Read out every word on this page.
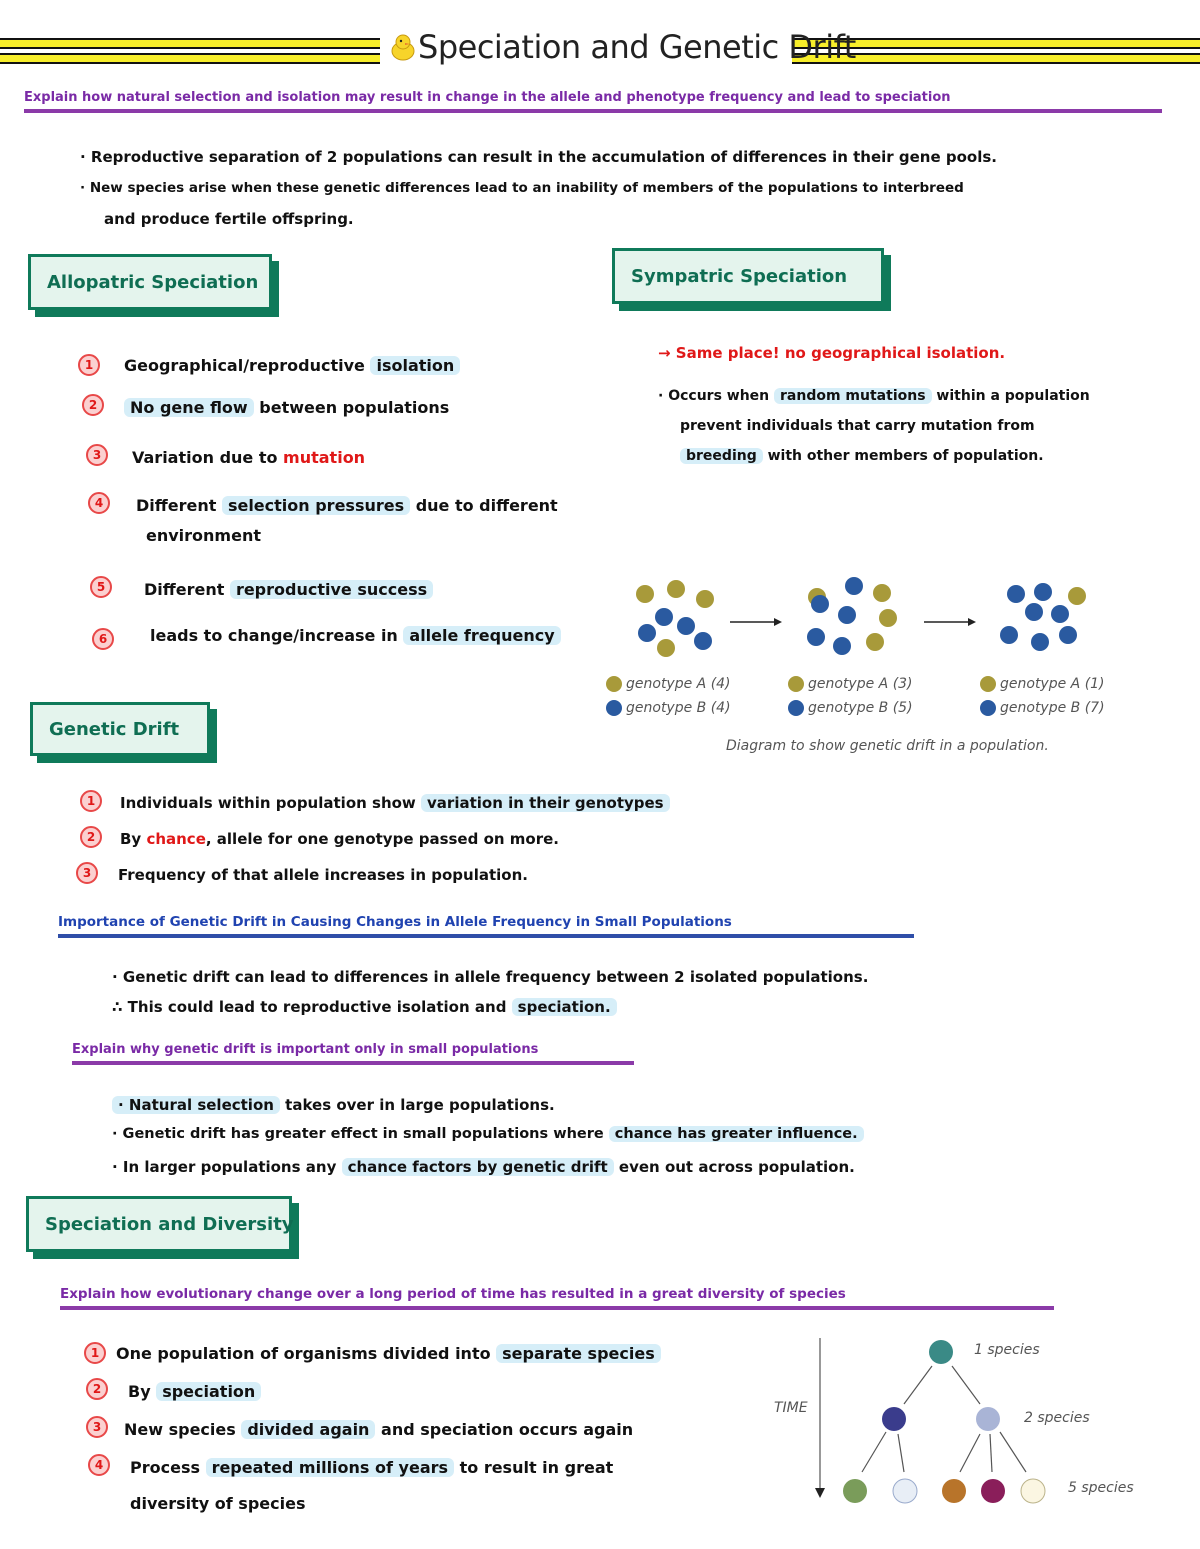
Speciation and Genetic Drift
Explain how natural selection and isolation may result in change in the allele and phenotype frequency and lead to speciation
· Reproductive separation of 2 populations can result in the accumulation of differences in their gene pools.
· New species arise when these genetic differences lead to an inability of members of the populations to interbreed
and produce fertile offspring.
Allopatric Speciation
1	Geographical/reproductive isolation
2	No gene flow between populations
3	Variation due to mutation
4	Different selection pressures due to different
environment
5	Different reproductive success
6	leads to change/increase in allele frequency
Sympatric Speciation
→ Same place! no geographical isolation.
· Occurs when random mutations within a population
prevent individuals that carry mutation from
breeding with other members of population.
genotype A (4)
genotype B (4)
genotype A (3)
genotype B (5)
genotype A (1)
genotype B (7)
Diagram to show genetic drift in a population.
Genetic Drift
1	Individuals within population show variation in their genotypes
2	By chance, allele for one genotype passed on more.
3	Frequency of that allele increases in population.
Importance of Genetic Drift in Causing Changes in Allele Frequency in Small Populations
· Genetic drift can lead to differences in allele frequency between 2 isolated populations.
∴ This could lead to reproductive isolation and speciation.
Explain why genetic drift is important only in small populations
· Natural selection takes over in large populations.
· Genetic drift has greater effect in small populations where chance has greater influence.
· In larger populations any chance factors by genetic drift even out across population.
Speciation and Diversity
Explain how evolutionary change over a long period of time has resulted in a great diversity of species
1	One population of organisms divided into separate species
2	By speciation
3	New species divided again and speciation occurs again
4	Process repeated millions of years to result in great
diversity of species
TIME
1 species
2 species
5 species
